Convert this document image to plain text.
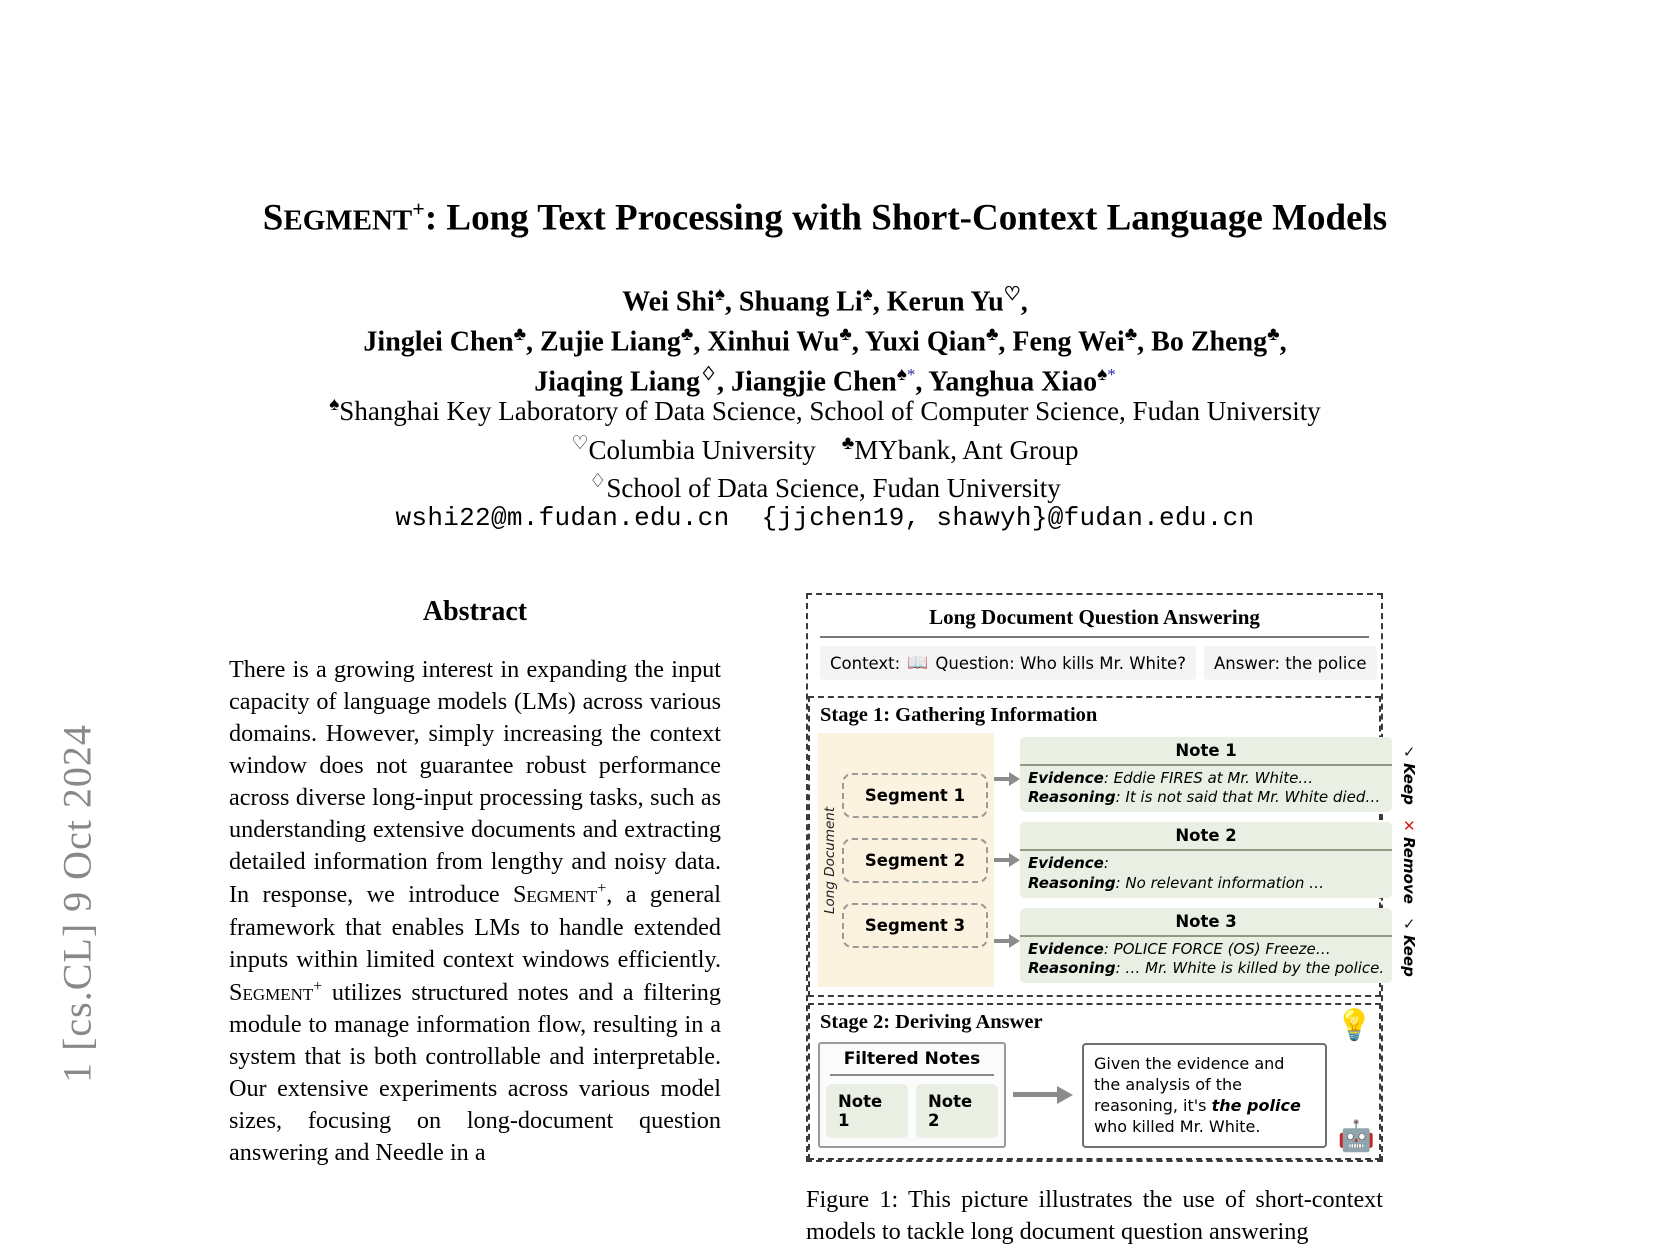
1 [cs.CL] 9 Oct 2024
SEGMENT+: Long Text Processing with Short-Context Language Models
Wei Shi♠, Shuang Li♠, Kerun Yu♡,
Jinglei Chen♣, Zujie Liang♣, Xinhui Wu♣, Yuxi Qian♣, Feng Wei♣, Bo Zheng♣,
Jiaqing Liang♢, Jiangjie Chen♠*, Yanghua Xiao♠*
♠Shanghai Key Laboratory of Data Science, School of Computer Science, Fudan University
♡Columbia University ♣MYbank, Ant Group
♢School of Data Science, Fudan University
wshi22@m.fudan.edu.cn {jjchen19, shawyh}@fudan.edu.cn
Abstract
There is a growing interest in expanding the input capacity of language models (LMs) across various domains. However, simply increasing the context window does not guarantee robust performance across diverse long-input processing tasks, such as understanding extensive documents and extracting detailed information from lengthy and noisy data. In response, we introduce Segment+, a general framework that enables LMs to handle extended inputs within limited context windows efficiently. Segment+ utilizes structured notes and a filtering module to manage information flow, resulting in a system that is both controllable and interpretable. Our extensive experiments across various model sizes, focusing on long-document question answering and Needle in a
Long Document Question Answering
Context: 📖 Question: Who kills Mr. White?	Answer: the police
Stage 1: Gathering Information
Long Document
Segment 1
Segment 2
Segment 3
Note 1
Evidence: Eddie FIRES at Mr. White…
Reasoning: It is not said that Mr. White died…
Note 2
Evidence:
Reasoning: No relevant information …
Note 3
Evidence: POLICE FORCE (OS) Freeze…
Reasoning: … Mr. White is killed by the police.
✓
Keep
✕
Remove
✓
Keep
Stage 2: Deriving Answer
Filtered Notes
Note 1
Note 2
Given the evidence and the analysis of the reasoning, it's the police who killed Mr. White.
💡
🤖
Figure 1: This picture illustrates the use of short-context models to tackle long document question answering
